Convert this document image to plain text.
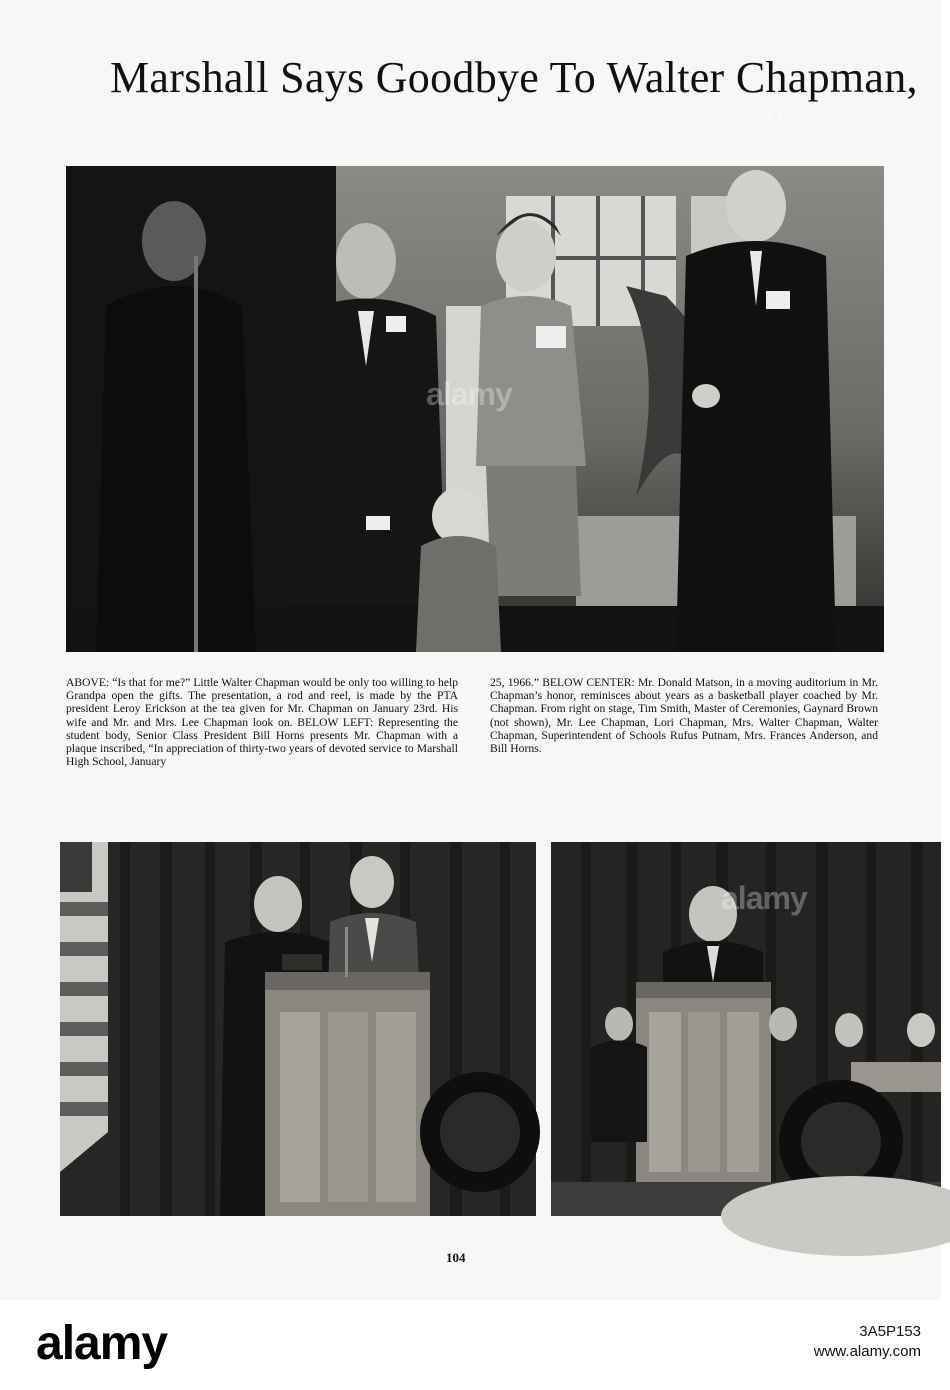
Marshall Says Goodbye To Walter Chapman,
alamy
alamy

ABOVE: “Is that for me?” Little Walter Chapman would be only too willing to help Grandpa open the gifts. The presentation, a rod and reel, is made by the PTA president Leroy Erickson at the tea given for Mr. Chapman on January 23rd. His wife and Mr. and Mrs. Lee Chapman look on. BELOW LEFT: Representing the student body, Senior Class President Bill Horns presents Mr. Chapman with a plaque inscribed, “In appreciation of thirty-two years of devoted service to Marshall High School, January

25, 1966.” BELOW CENTER: Mr. Donald Matson, in a moving auditorium in Mr. Chapman’s honor, reminisces about years as a basketball player coached by Mr. Chapman. From right on stage, Tim Smith, Master of Ceremonies, Gaynard Brown (not shown), Mr. Lee Chapman, Lori Chapman, Mrs. Walter Chapman, Walter Chapman, Superintendent of Schools Rufus Putnam, Mrs. Frances Anderson, and Bill Horns.

alamy
104
alamy	3A5P153
www.alamy.com
